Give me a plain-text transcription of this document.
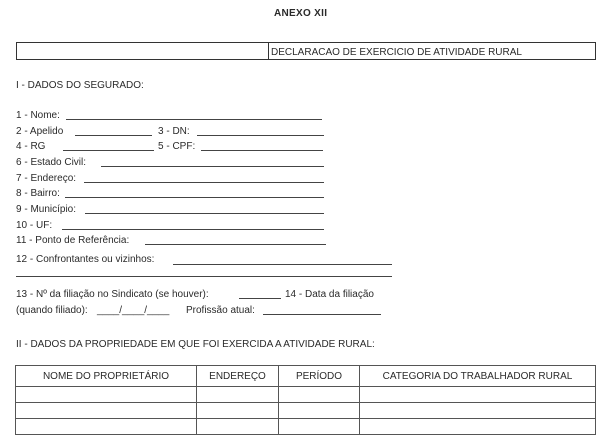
ANEXO XII
DECLARACAO DE EXERCICIO DE ATIVIDADE RURAL
I - DADOS DO SEGURADO:
1 - Nome:
2 - Apelido	3 - DN:
4 - RG	5 - CPF:
6 - Estado Civil:
7 - Endereço:
8 - Bairro:
9 - Município:
10 - UF:
11 - Ponto de Referência:
12 - Confrontantes ou vizinhos:
13 - Nº da filiação no Sindicato (se houver):	14 - Data da filiação
(quando filiado): ____/____/____ Profissão atual:
II - DADOS DA PROPRIEDADE EM QUE FOI EXERCIDA A ATIVIDADE RURAL:
NOME DO PROPRIETÁRIO	ENDEREÇO	PERÍODO	CATEGORIA DO TRABALHADOR RURAL
